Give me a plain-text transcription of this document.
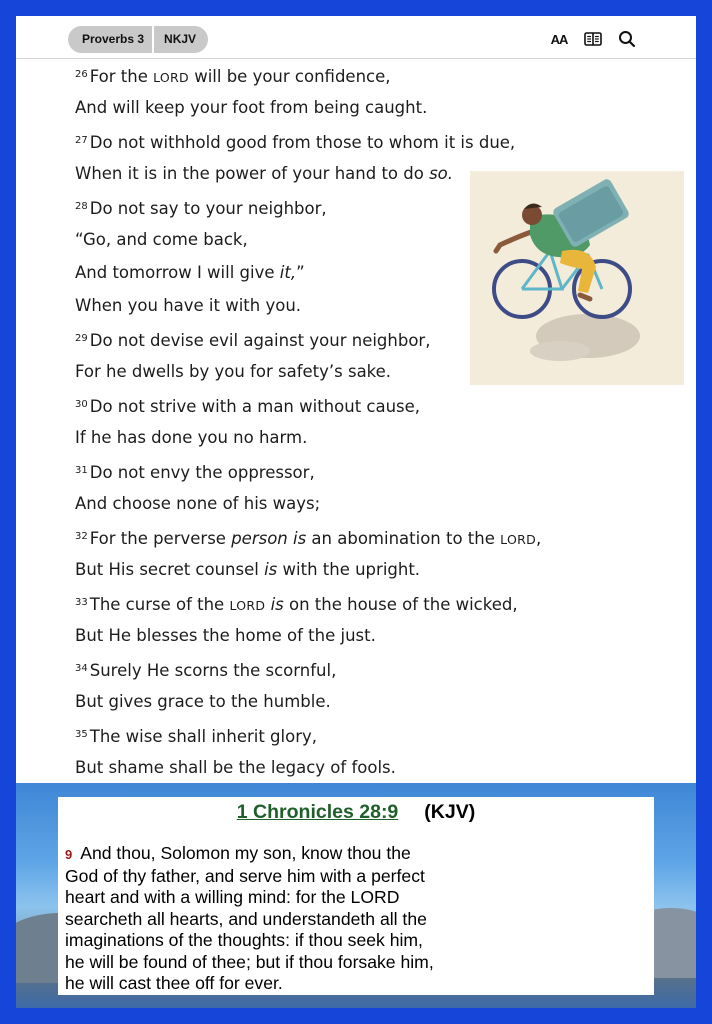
Proverbs 3	NKJV	AA
$^{26}$ For the LORD will be your confidence,
And will keep your foot from being caught.
$^{27}$ Do not withhold good from those to whom it is due,
When it is in the power of your hand to do so.
$^{28}$ Do not say to your neighbor,
“Go, and come back,
And tomorrow I will give it,”
When you have it with you.
$^{29}$ Do not devise evil against your neighbor,
For he dwells by you for safety’s sake.
$^{30}$ Do not strive with a man without cause,
If he has done you no harm.
$^{31}$ Do not envy the oppressor,
And choose none of his ways;
$^{32}$ For the perverse person is an abomination to the LORD,
But His secret counsel is with the upright.
$^{33}$ The curse of the LORD is on the house of the wicked,
But He blesses the home of the just.
$^{34}$ Surely He scorns the scornful,
But gives grace to the humble.
$^{35}$ The wise shall inherit glory,
But shame shall be the legacy of fools.
1 Chronicles 28:9 (KJV)
9 And thou, Solomon my son, know thou the
God of thy father, and serve him with a perfect
heart and with a willing mind: for the LORD
searcheth all hearts, and understandeth all the
imaginations of the thoughts: if thou seek him,
he will be found of thee; but if thou forsake him,
he will cast thee off for ever.
